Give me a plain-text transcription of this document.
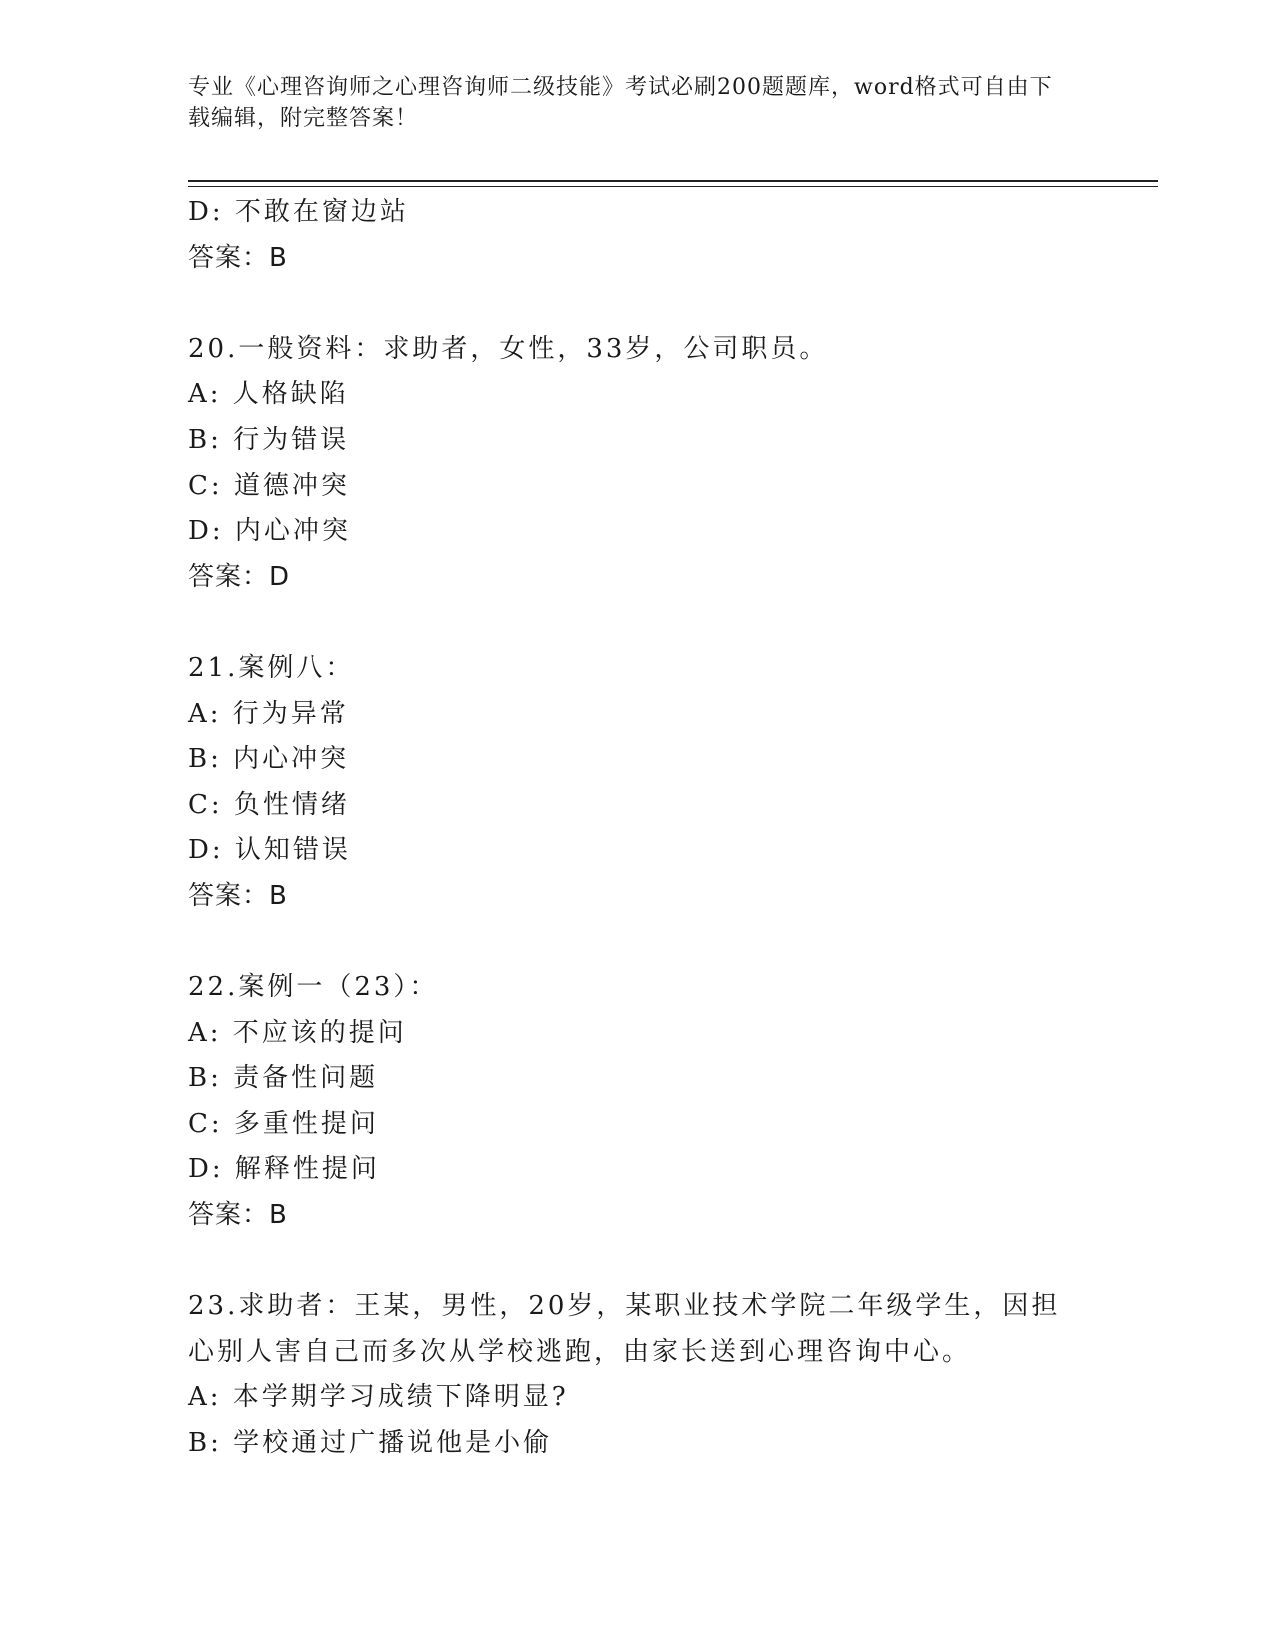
专业《心理咨询师之心理咨询师二级技能》考试必刷200题题库，word格式可自由下载编辑，附完整答案！
D: 不敢在窗边站
答案：B
20.一般资料：求助者，女性，33岁，公司职员。
A: 人格缺陷
B: 行为错误
C: 道德冲突
D: 内心冲突
答案：D
21.案例八：
A: 行为异常
B: 内心冲突
C: 负性情绪
D: 认知错误
答案：B
22.案例一（23）：
A: 不应该的提问
B: 责备性问题
C: 多重性提问
D: 解释性提问
答案：B
23.求助者：王某，男性，20岁，某职业技术学院二年级学生，因担心别人害自己而多次从学校逃跑，由家长送到心理咨询中心。
A: 本学期学习成绩下降明显?
B: 学校通过广播说他是小偷
